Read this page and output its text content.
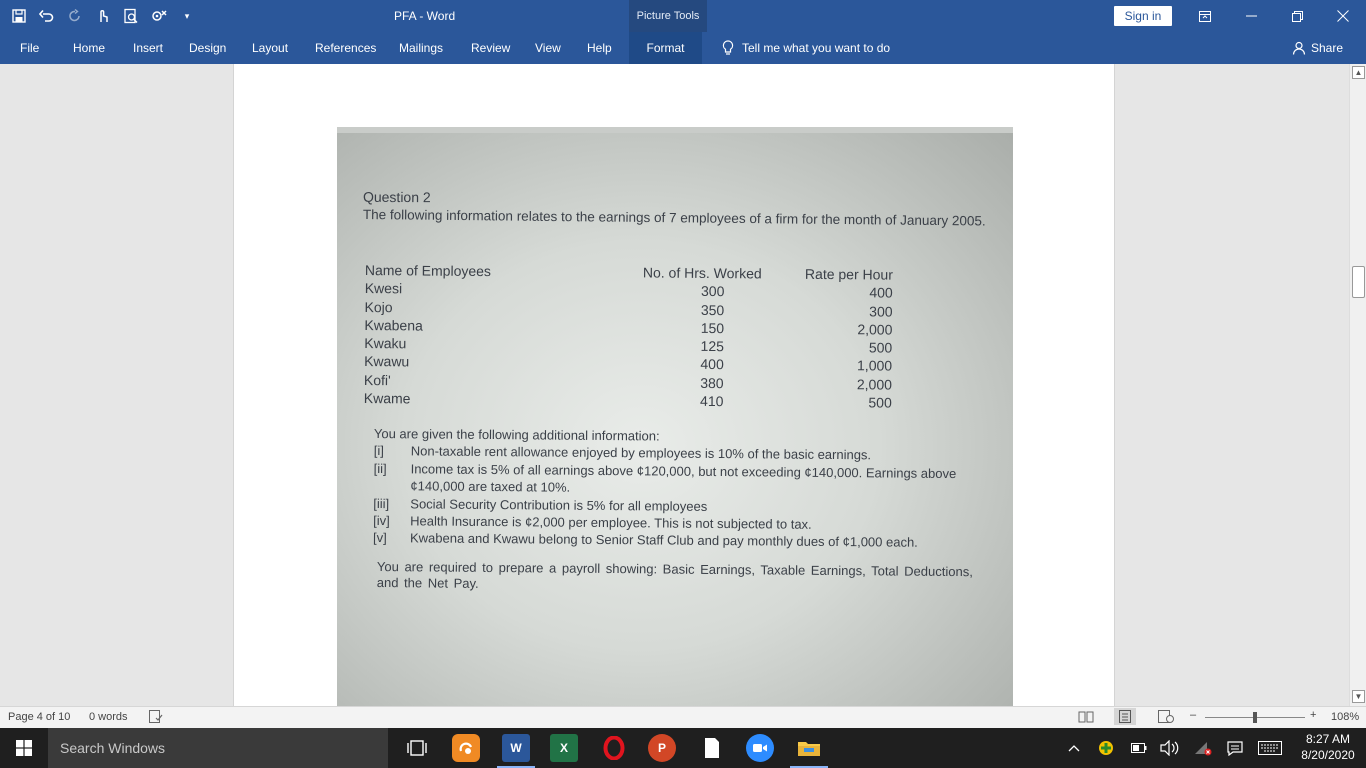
▾	PFA - Word	Picture Tools	Sign in
File	Home Insert Design Layout References Mailings Review View Help	Format	Tell me what you want to do	Share
Question 2
The following information relates to the earnings of 7 employees of a firm for the month of January 2005.
Name of Employees	No. of Hrs. Worked	Rate per Hour
Kwesi	300	400
Kojo	350	300
Kwabena	150	2,000
Kwaku	125	500
Kwawu	400	1,000
Kofi'	380	2,000
Kwame	410	500
You are given the following additional information:
[i]	Non-taxable rent allowance enjoyed by employees is 10% of the basic earnings.
[ii]	Income tax is 5% of all earnings above ¢120,000, but not exceeding ¢140,000. Earnings above ¢140,000 are taxed at 10%.
[iii]	Social Security Contribution is 5% for all employees
[iv]	Health Insurance is ¢2,000 per employee. This is not subjected to tax.
[v]	Kwabena and Kwawu belong to Senior Staff Club and pay monthly dues of ¢1,000 each.
You are required to prepare a payroll showing: Basic Earnings, Taxable Earnings, Total Deductions, and the Net Pay.
▲
▼
Page 4 of 10 0 words	–	+ 108%
Search Windows	W	X	P
8:27 AM
8/20/2020
